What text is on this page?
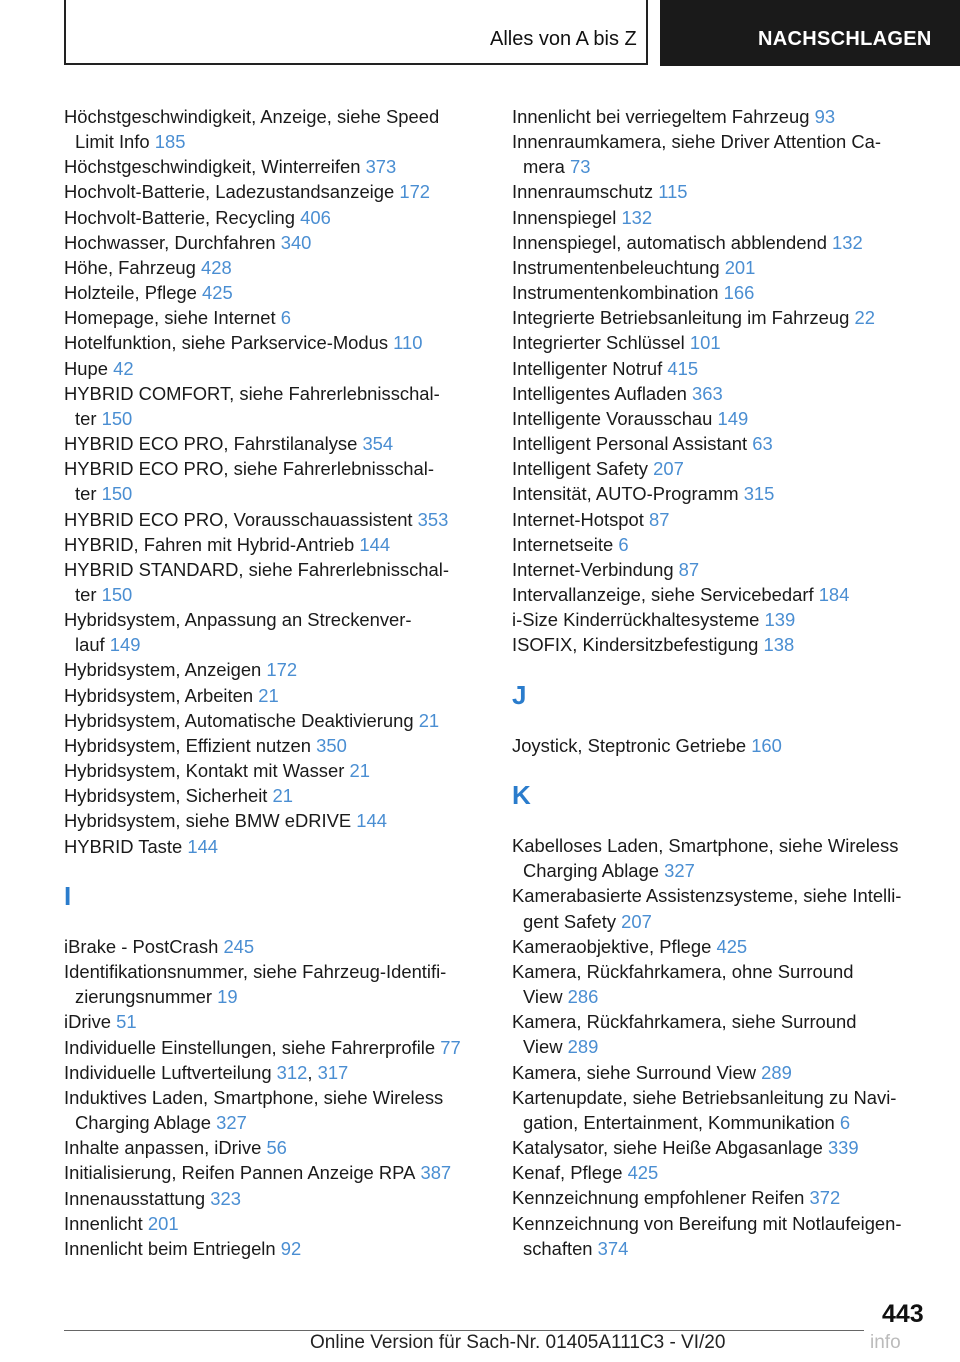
Alles von A bis Z	NACHSCHLAGEN
Höchstgeschwindigkeit, Anzeige, siehe Speed
Limit Info 185
Höchstgeschwindigkeit, Winterreifen 373
Hochvolt-Batterie, Ladezustandsanzeige 172
Hochvolt-Batterie, Recycling 406
Hochwasser, Durchfahren 340
Höhe, Fahrzeug 428
Holzteile, Pflege 425
Homepage, siehe Internet 6
Hotelfunktion, siehe Parkservice-Modus 110
Hupe 42
HYBRID COMFORT, siehe Fahrerlebnisschal-
ter 150
HYBRID ECO PRO, Fahrstilanalyse 354
HYBRID ECO PRO, siehe Fahrerlebnisschal-
ter 150
HYBRID ECO PRO, Vorausschauassistent 353
HYBRID, Fahren mit Hybrid-Antrieb 144
HYBRID STANDARD, siehe Fahrerlebnisschal-
ter 150
Hybridsystem, Anpassung an Streckenver-
lauf 149
Hybridsystem, Anzeigen 172
Hybridsystem, Arbeiten 21
Hybridsystem, Automatische Deaktivierung 21
Hybridsystem, Effizient nutzen 350
Hybridsystem, Kontakt mit Wasser 21
Hybridsystem, Sicherheit 21
Hybridsystem, siehe BMW eDRIVE 144
HYBRID Taste 144
I
iBrake - PostCrash 245
Identifikationsnummer, siehe Fahrzeug-Identifi-
zierungsnummer 19
iDrive 51
Individuelle Einstellungen, siehe Fahrerprofile 77
Individuelle Luftverteilung 312, 317
Induktives Laden, Smartphone, siehe Wireless
Charging Ablage 327
Inhalte anpassen, iDrive 56
Initialisierung, Reifen Pannen Anzeige RPA 387
Innenausstattung 323
Innenlicht 201
Innenlicht beim Entriegeln 92
Innenlicht bei verriegeltem Fahrzeug 93
Innenraumkamera, siehe Driver Attention Ca-
mera 73
Innenraumschutz 115
Innenspiegel 132
Innenspiegel, automatisch abblendend 132
Instrumentenbeleuchtung 201
Instrumentenkombination 166
Integrierte Betriebsanleitung im Fahrzeug 22
Integrierter Schlüssel 101
Intelligenter Notruf 415
Intelligentes Aufladen 363
Intelligente Vorausschau 149
Intelligent Personal Assistant 63
Intelligent Safety 207
Intensität, AUTO-Programm 315
Internet-Hotspot 87
Internetseite 6
Internet-Verbindung 87
Intervallanzeige, siehe Servicebedarf 184
i-Size Kinderrückhaltesysteme 139
ISOFIX, Kindersitzbefestigung 138
J
Joystick, Steptronic Getriebe 160
K
Kabelloses Laden, Smartphone, siehe Wireless
Charging Ablage 327
Kamerabasierte Assistenzsysteme, siehe Intelli-
gent Safety 207
Kameraobjektive, Pflege 425
Kamera, Rückfahrkamera, ohne Surround
View 286
Kamera, Rückfahrkamera, siehe Surround
View 289
Kamera, siehe Surround View 289
Kartenupdate, siehe Betriebsanleitung zu Navi-
gation, Entertainment, Kommunikation 6
Katalysator, siehe Heiße Abgasanlage 339
Kenaf, Pflege 425
Kennzeichnung empfohlener Reifen 372
Kennzeichnung von Bereifung mit Notlaufeigen-
schaften 374
443
Online Version für Sach-Nr. 01405A111C3 - VI/20	info
